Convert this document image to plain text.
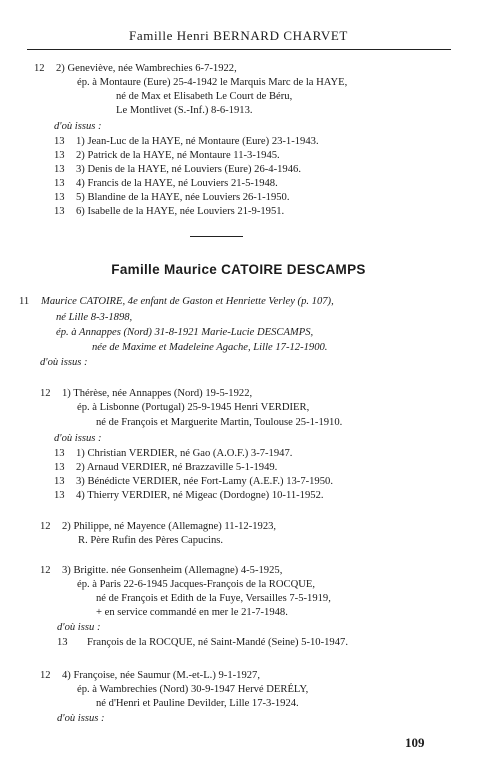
Famille Henri BERNARD CHARVET
12 2) Geneviève, née Wambrechies 6-7-1922,
ép. à Montaure (Eure) 25-4-1942 le Marquis Marc de la HAYE,
né de Max et Elisabeth Le Court de Béru,
Le Montlivet (S.-Inf.) 8-6-1913.
d'où issus :
13 1) Jean-Luc de la HAYE, né Montaure (Eure) 23-1-1943.
13 2) Patrick de la HAYE, né Montaure 11-3-1945.
13 3) Denis de la HAYE, né Louviers (Eure) 26-4-1946.
13 4) Francis de la HAYE, né Louviers 21-5-1948.
13 5) Blandine de la HAYE, née Louviers 26-1-1950.
13 6) Isabelle de la HAYE, née Louviers 21-9-1951.
Famille Maurice CATOIRE DESCAMPS
11 Maurice CATOIRE, 4e enfant de Gaston et Henriette Verley (p. 107),
né Lille 8-3-1898,
ép. à Annappes (Nord) 31-8-1921 Marie-Lucie DESCAMPS,
née de Maxime et Madeleine Agache, Lille 17-12-1900.
d'où issus :
12 1) Thérèse, née Annappes (Nord) 19-5-1922,
ép. à Lisbonne (Portugal) 25-9-1945 Henri VERDIER,
né de François et Marguerite Martin, Toulouse 25-1-1910.
d'où issus :
13 1) Christian VERDIER, né Gao (A.O.F.) 3-7-1947.
13 2) Arnaud VERDIER, né Brazzaville 5-1-1949.
13 3) Bénédicte VERDIER, née Fort-Lamy (A.E.F.) 13-7-1950.
13 4) Thierry VERDIER, né Migeac (Dordogne) 10-11-1952.
12 2) Philippe, né Mayence (Allemagne) 11-12-1923,
R. Père Rufin des Pères Capucins.
12 3) Brigitte. née Gonsenheim (Allemagne) 4-5-1925,
ép. à Paris 22-6-1945 Jacques-François de la ROCQUE,
né de François et Edith de la Fuye, Versailles 7-5-1919,
+ en service commandé en mer le 21-7-1948.
d'où issu :
13 François de la ROCQUE, né Saint-Mandé (Seine) 5-10-1947.
12 4) Françoise, née Saumur (M.-et-L.) 9-1-1927,
ép. à Wambrechies (Nord) 30-9-1947 Hervé DERÉLY,
né d'Henri et Pauline Devilder, Lille 17-3-1924.
d'où issus :
109
